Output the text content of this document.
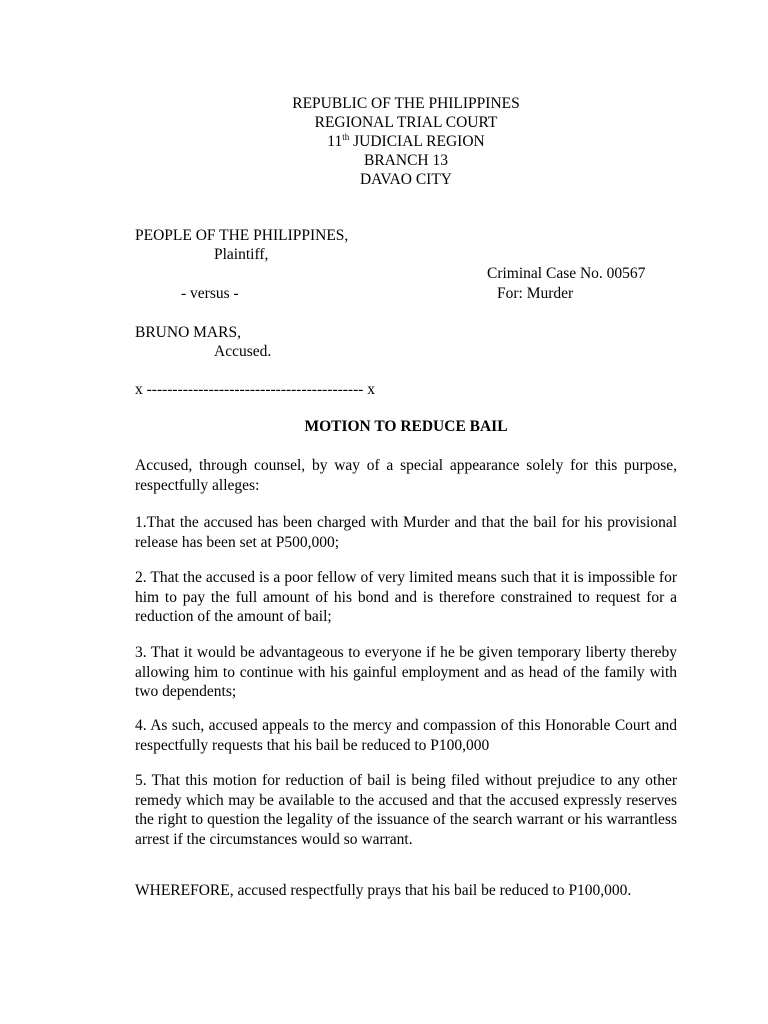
REPUBLIC OF THE PHILIPPINES
REGIONAL TRIAL COURT
11th JUDICIAL REGION
BRANCH 13
DAVAO CITY
PEOPLE OF THE PHILIPPINES,
Plaintiff,
Criminal Case No. 00567
- versus -	For: Murder
BRUNO MARS,
Accused.
x ------------------------------------------ x
MOTION TO REDUCE BAIL

Accused, through counsel, by way of a special appearance solely for this purpose, respectfully alleges:

1.That the accused has been charged with Murder and that the bail for his provisional release has been set at P500,000;

2. That the accused is a poor fellow of very limited means such that it is impossible for him to pay the full amount of his bond and is therefore constrained to request for a reduction of the amount of bail;

3. That it would be advantageous to everyone if he be given temporary liberty thereby allowing him to continue with his gainful employment and as head of the family with two dependents;

4. As such, accused appeals to the mercy and compassion of this Honorable Court and respectfully requests that his bail be reduced to P100,000

5. That this motion for reduction of bail is being filed without prejudice to any other remedy which may be available to the accused and that the accused expressly reserves the right to question the legality of the issuance of the search warrant or his warrantless arrest if the circumstances would so warrant.

WHEREFORE, accused respectfully prays that his bail be reduced to P100,000.
